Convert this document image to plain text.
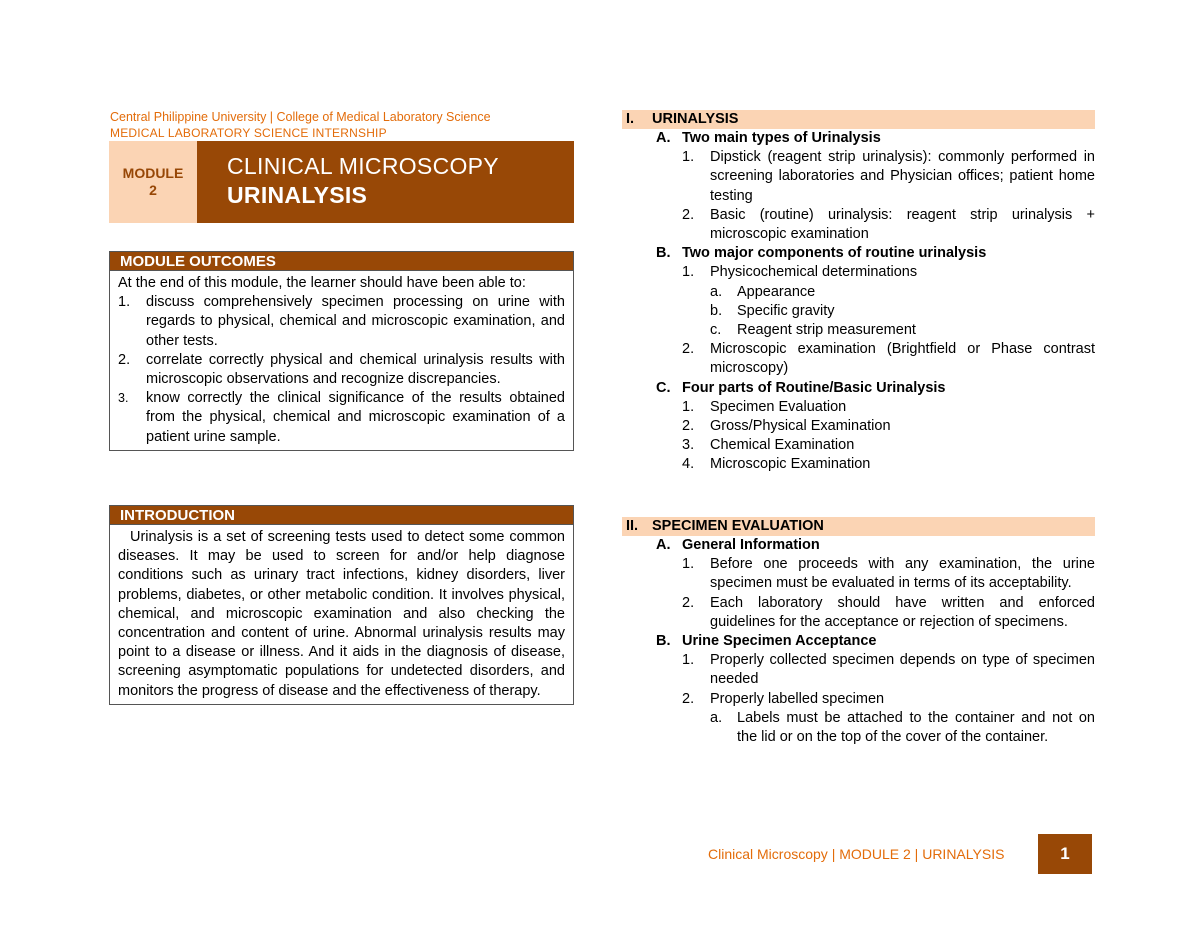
Central Philippine University | College of Medical Laboratory Science
MEDICAL LABORATORY SCIENCE INTERNSHIP
MODULE
2
CLINICAL MICROSCOPY
URINALYSIS
MODULE OUTCOMES
At the end of this module, the learner should have been able to:
1.	discuss comprehensively specimen processing on urine with regards to physical, chemical and microscopic examination, and other tests.
2.	correlate correctly physical and chemical urinalysis results with microscopic observations and recognize discrepancies.
3.	know correctly the clinical significance of the results obtained from the physical, chemical and microscopic examination of a patient urine sample.
INTRODUCTION
Urinalysis is a set of screening tests used to detect some common diseases. It may be used to screen for and/or help diagnose conditions such as urinary tract infections, kidney disorders, liver problems, diabetes, or other metabolic condition. It involves physical, chemical, and microscopic examination and also checking the concentration and content of urine. Abnormal urinalysis results may point to a disease or illness. And it aids in the diagnosis of disease, screening asymptomatic populations for undetected disorders, and monitors the progress of disease and the effectiveness of therapy.
I.	URINALYSIS
A. Two main types of Urinalysis
1.	Dipstick (reagent strip urinalysis): commonly performed in screening laboratories and Physician offices; patient home testing
2.	Basic (routine) urinalysis: reagent strip urinalysis + microscopic examination
B. Two major components of routine urinalysis
1.	Physicochemical determinations
a.	Appearance
b.	Specific gravity
c.	Reagent strip measurement
2.	Microscopic examination (Brightfield or Phase contrast microscopy)
C. Four parts of Routine/Basic Urinalysis
1.	Specimen Evaluation
2.	Gross/Physical Examination
3.	Chemical Examination
4.	Microscopic Examination
II. SPECIMEN EVALUATION
A. General Information
1.	Before one proceeds with any examination, the urine specimen must be evaluated in terms of its acceptability.
2.	Each laboratory should have written and enforced guidelines for the acceptance or rejection of specimens.
B. Urine Specimen Acceptance
1.	Properly collected specimen depends on type of specimen needed
2.	Properly labelled specimen
a.	Labels must be attached to the container and not on the lid or on the top of the cover of the container.
Clinical Microscopy | MODULE 2 | URINALYSIS	1
